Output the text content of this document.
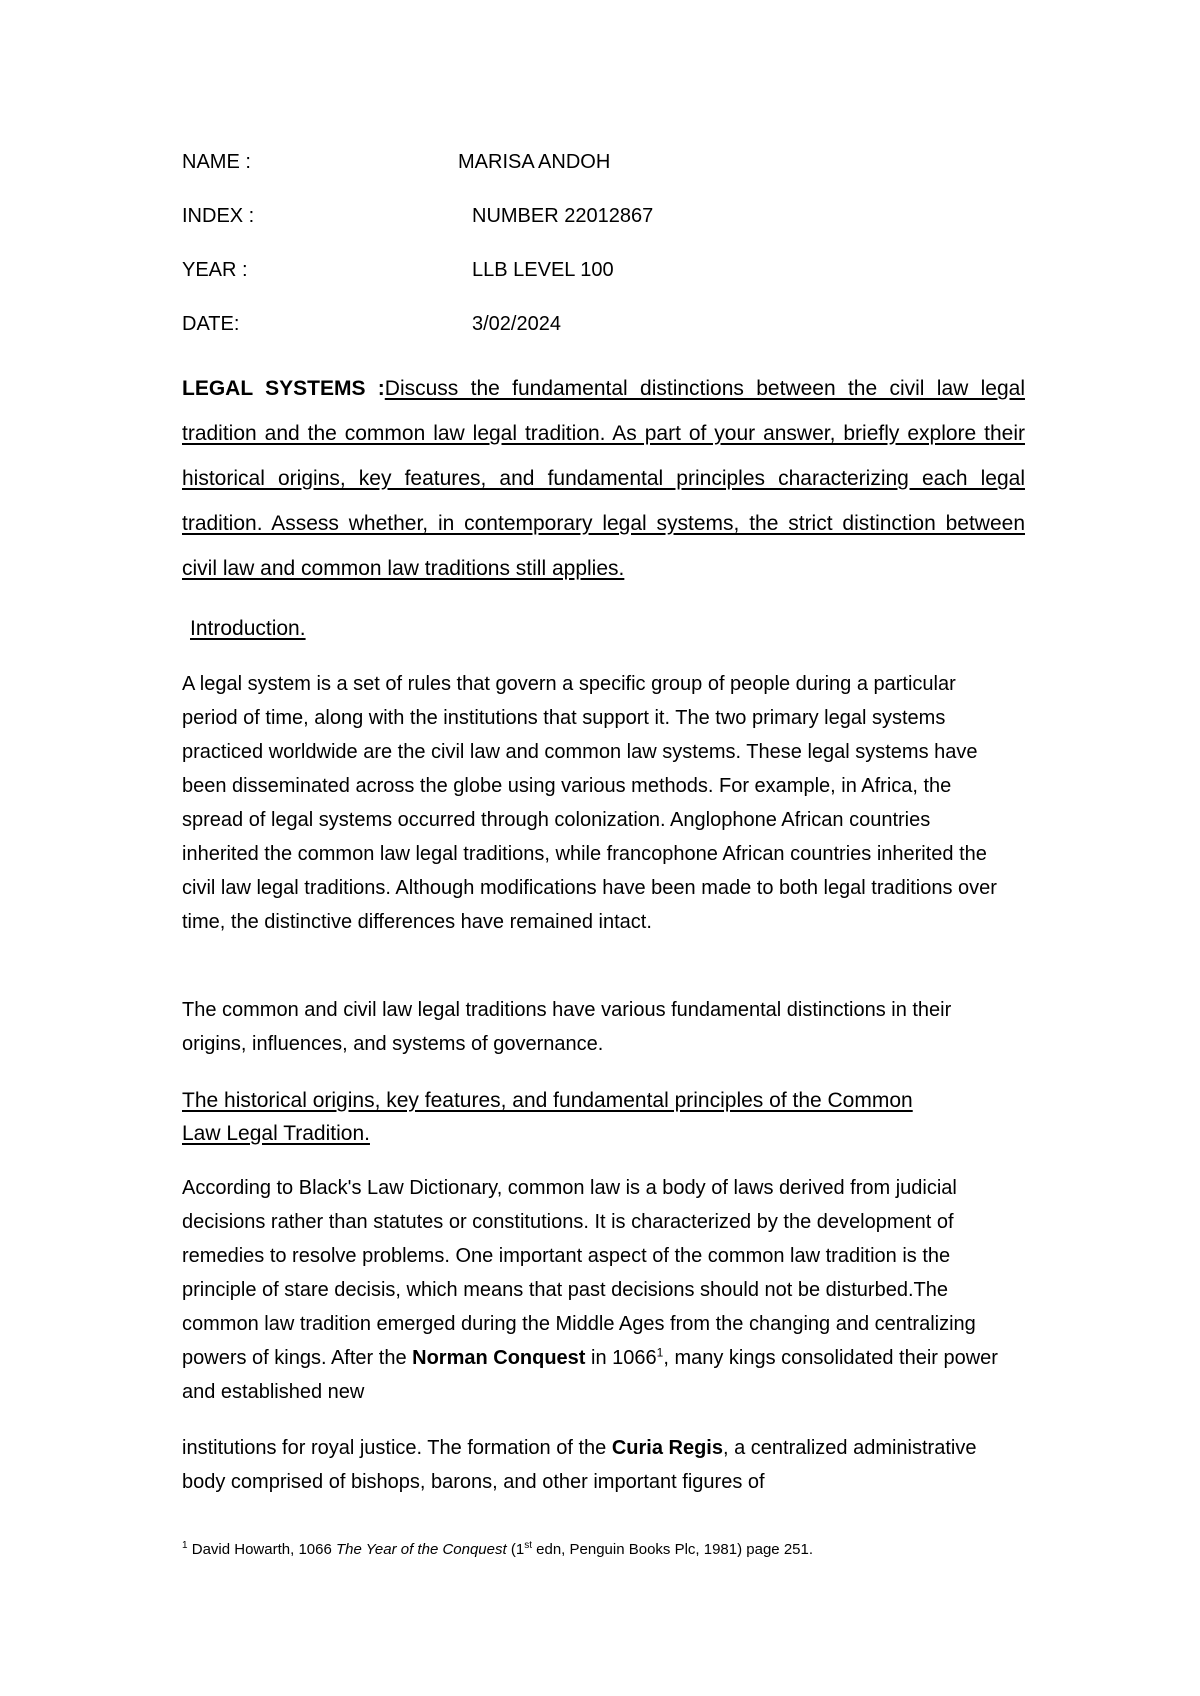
NAME :	MARISA ANDOH
INDEX :	NUMBER 22012867
YEAR :	LLB LEVEL 100
DATE:	3/02/2024
LEGAL SYSTEMS :Discuss the fundamental distinctions between the civil law legal tradition and the common law legal tradition. As part of your answer, briefly explore their historical origins, key features, and fundamental principles characterizing each legal tradition. Assess whether, in contemporary legal systems, the strict distinction between civil law and common law traditions still applies.
Introduction.
A legal system is a set of rules that govern a specific group of people during a particular period of time, along with the institutions that support it. The two primary legal systems practiced worldwide are the civil law and common law systems. These legal systems have been disseminated across the globe using various methods. For example, in Africa, the spread of legal systems occurred through colonization. Anglophone African countries inherited the common law legal traditions, while francophone African countries inherited the civil law legal traditions. Although modifications have been made to both legal traditions over time, the distinctive differences have remained intact.
The common and civil law legal traditions have various fundamental distinctions in their origins, influences, and systems of governance.
The historical origins, key features, and fundamental principles of the Common
Law Legal Tradition.
According to Black's Law Dictionary, common law is a body of laws derived from judicial decisions rather than statutes or constitutions. It is characterized by the development of remedies to resolve problems. One important aspect of the common law tradition is the principle of stare decisis, which means that past decisions should not be disturbed.The common law tradition emerged during the Middle Ages from the changing and centralizing powers of kings. After the Norman Conquest in 1066$^1$, many kings consolidated their power and established new
institutions for royal justice. The formation of the Curia Regis, a centralized administrative body comprised of bishops, barons, and other important figures of
$^1$ David Howarth, 1066 The Year of the Conquest (1st edn, Penguin Books Plc, 1981) page 251.
